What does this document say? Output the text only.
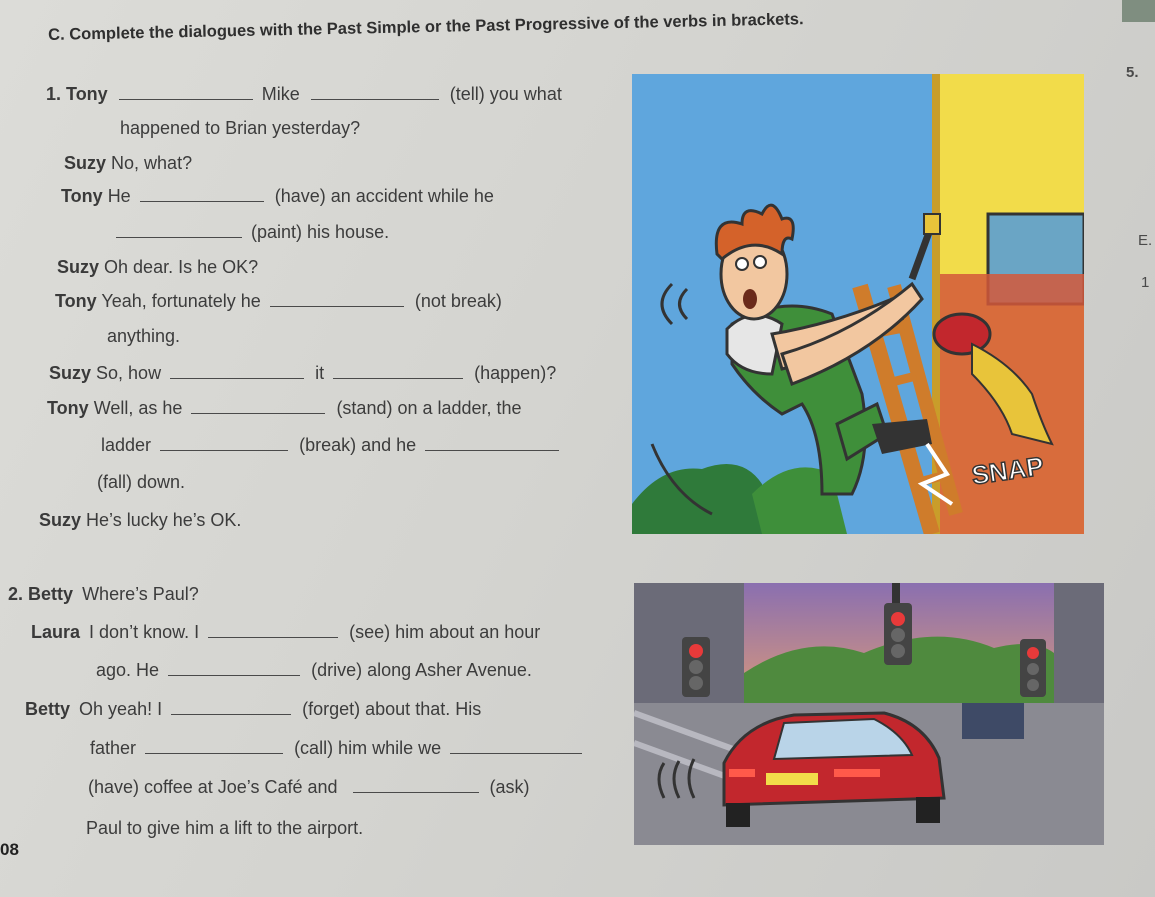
C. Complete the dialogues with the Past Simple or the Past Progressive of the verbs in brackets.
1. Tony	Mike	(tell) you what
happened to Brian yesterday?
Suzy No, what?
Tony He	(have) an accident while he
(paint) his house.
Suzy Oh dear. Is he OK?
Tony Yeah, fortunately he	(not break)
anything.
Suzy So, how	it	(happen)?
Tony Well, as he	(stand) on a ladder, the
ladder	(break) and he
(fall) down.
Suzy He’s lucky he’s OK.
2. Betty Where’s Paul?
Laura I don’t know. I	(see) him about an hour
ago. He	(drive) along Asher Avenue.
Betty Oh yeah! I	(forget) about that. His
father	(call) him while we
(have) coffee at Joe’s Café and	(ask)
Paul to give him a lift to the airport.
08
5.
E.
1
SNAP
